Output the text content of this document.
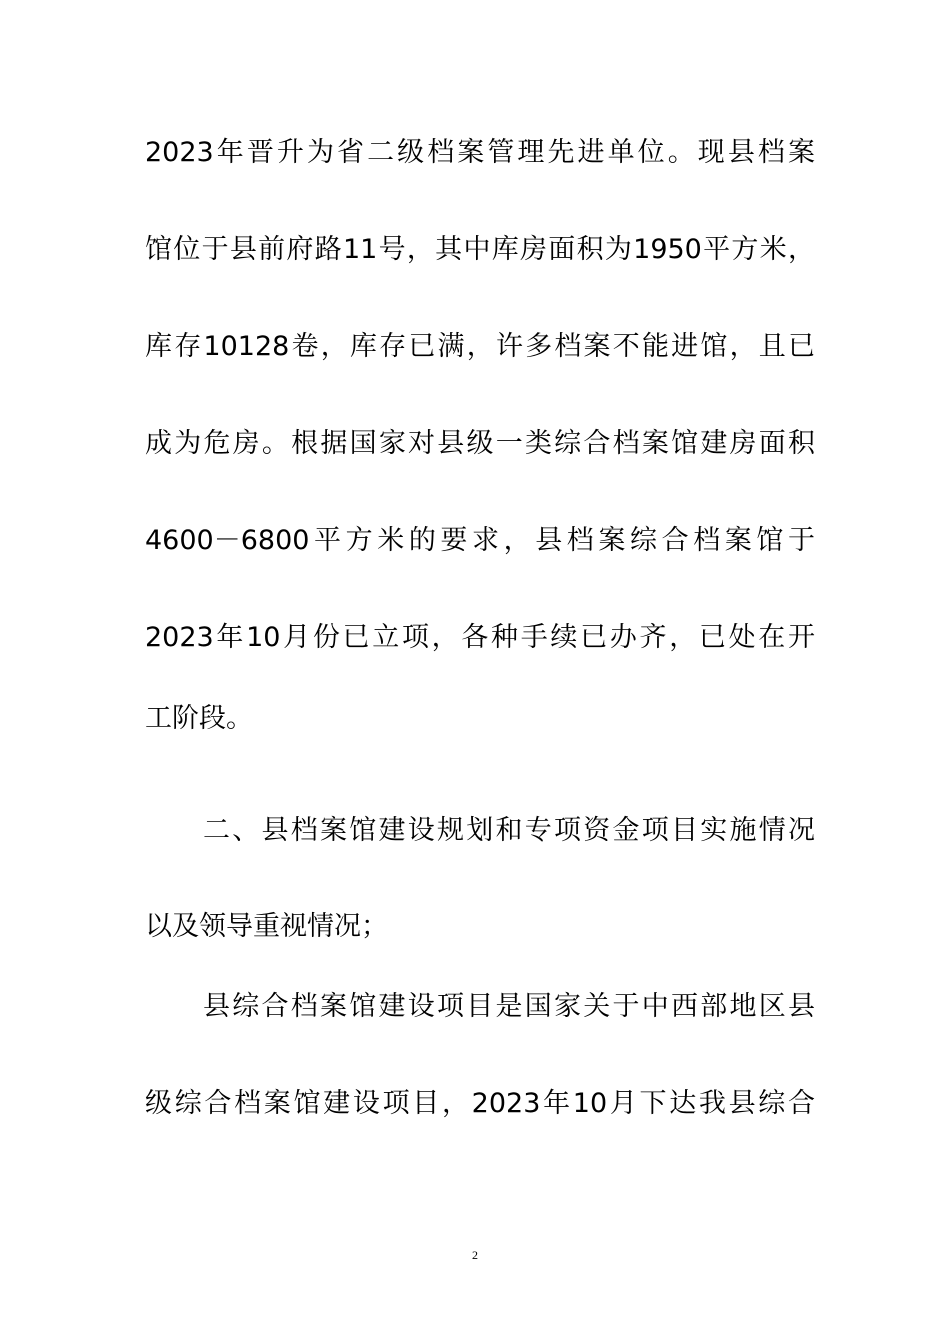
2023年晋升为省二级档案管理先进单位。现县档案
馆位于县前府路11号，其中库房面积为1950平方米，
库存10128卷，库存已满，许多档案不能进馆，且已
成为危房。根据国家对县级一类综合档案馆建房面积
4600－6800平方米的要求，县档案综合档案馆于
2023年10月份已立项，各种手续已办齐，已处在开
工阶段。
二、县档案馆建设规划和专项资金项目实施情况
以及领导重视情况；
县综合档案馆建设项目是国家关于中西部地区县
级综合档案馆建设项目，2023年10月下达我县综合
2
